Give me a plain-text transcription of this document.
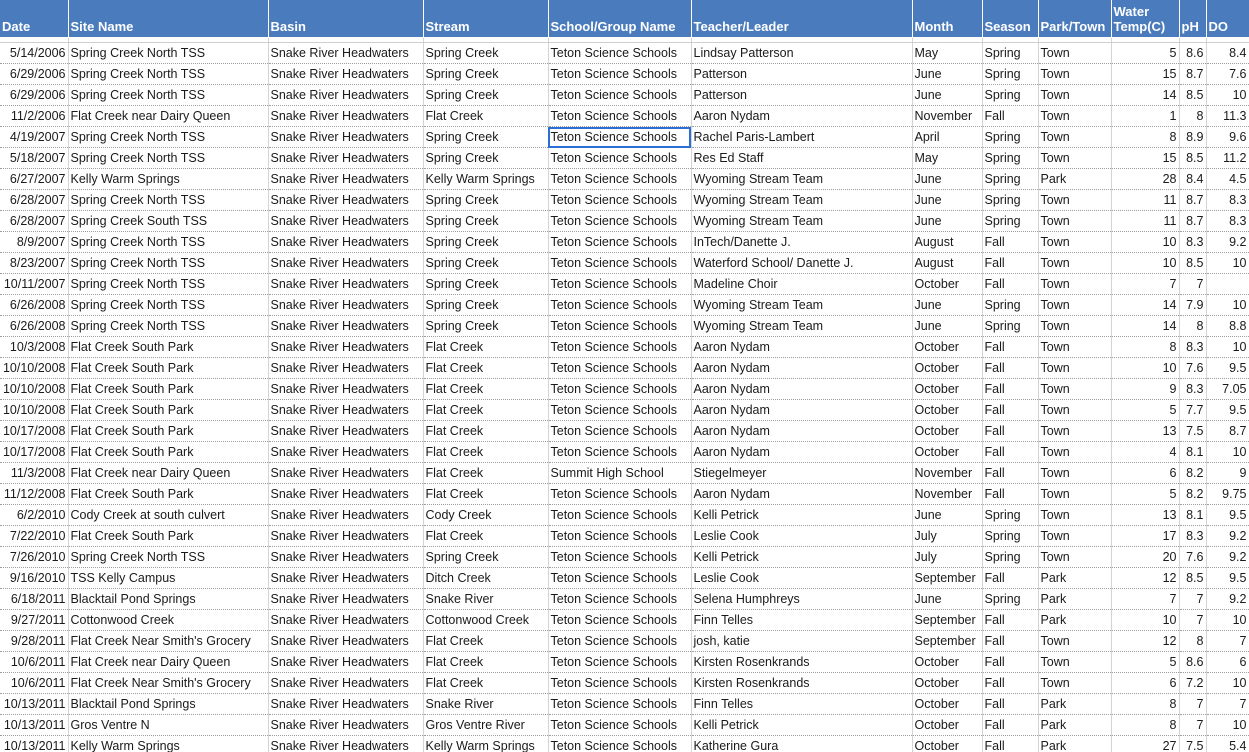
Date	Site Name	Basin	Stream	School/Group Name	Teacher/Leader	Month	Season	Park/Town	Water Temp(C)	pH	DO

5/14/2006	Spring Creek North TSS	Snake River Headwaters	Spring Creek	Teton Science Schools	Lindsay Patterson	May	Spring	Town	5	8.6	8.4
6/29/2006	Spring Creek North TSS	Snake River Headwaters	Spring Creek	Teton Science Schools	Patterson	June	Spring	Town	15	8.7	7.6
6/29/2006	Spring Creek North TSS	Snake River Headwaters	Spring Creek	Teton Science Schools	Patterson	June	Spring	Town	14	8.5	10
11/2/2006	Flat Creek near Dairy Queen	Snake River Headwaters	Flat Creek	Teton Science Schools	Aaron Nydam	November	Fall	Town	1	8	11.3
4/19/2007	Spring Creek North TSS	Snake River Headwaters	Spring Creek	Teton Science Schools	Rachel Paris-Lambert	April	Spring	Town	8	8.9	9.6
5/18/2007	Spring Creek North TSS	Snake River Headwaters	Spring Creek	Teton Science Schools	Res Ed Staff	May	Spring	Town	15	8.5	11.2
6/27/2007	Kelly Warm Springs	Snake River Headwaters	Kelly Warm Springs	Teton Science Schools	Wyoming Stream Team	June	Spring	Park	28	8.4	4.5
6/28/2007	Spring Creek North TSS	Snake River Headwaters	Spring Creek	Teton Science Schools	Wyoming Stream Team	June	Spring	Town	11	8.7	8.3
6/28/2007	Spring Creek South TSS	Snake River Headwaters	Spring Creek	Teton Science Schools	Wyoming Stream Team	June	Spring	Town	11	8.7	8.3
8/9/2007	Spring Creek North TSS	Snake River Headwaters	Spring Creek	Teton Science Schools	InTech/Danette J.	August	Fall	Town	10	8.3	9.2
8/23/2007	Spring Creek North TSS	Snake River Headwaters	Spring Creek	Teton Science Schools	Waterford School/ Danette J.	August	Fall	Town	10	8.5	10
10/11/2007	Spring Creek North TSS	Snake River Headwaters	Spring Creek	Teton Science Schools	Madeline Choir	October	Fall	Town	7	7	
6/26/2008	Spring Creek North TSS	Snake River Headwaters	Spring Creek	Teton Science Schools	Wyoming Stream Team	June	Spring	Town	14	7.9	10
6/26/2008	Spring Creek North TSS	Snake River Headwaters	Spring Creek	Teton Science Schools	Wyoming Stream Team	June	Spring	Town	14	8	8.8
10/3/2008	Flat Creek South Park	Snake River Headwaters	Flat Creek	Teton Science Schools	Aaron Nydam	October	Fall	Town	8	8.3	10
10/10/2008	Flat Creek South Park	Snake River Headwaters	Flat Creek	Teton Science Schools	Aaron Nydam	October	Fall	Town	10	7.6	9.5
10/10/2008	Flat Creek South Park	Snake River Headwaters	Flat Creek	Teton Science Schools	Aaron Nydam	October	Fall	Town	9	8.3	7.05
10/10/2008	Flat Creek South Park	Snake River Headwaters	Flat Creek	Teton Science Schools	Aaron Nydam	October	Fall	Town	5	7.7	9.5
10/17/2008	Flat Creek South Park	Snake River Headwaters	Flat Creek	Teton Science Schools	Aaron Nydam	October	Fall	Town	13	7.5	8.7
10/17/2008	Flat Creek South Park	Snake River Headwaters	Flat Creek	Teton Science Schools	Aaron Nydam	October	Fall	Town	4	8.1	10
11/3/2008	Flat Creek near Dairy Queen	Snake River Headwaters	Flat Creek	Summit High School	Stiegelmeyer	November	Fall	Town	6	8.2	9
11/12/2008	Flat Creek South Park	Snake River Headwaters	Flat Creek	Teton Science Schools	Aaron Nydam	November	Fall	Town	5	8.2	9.75
6/2/2010	Cody Creek at south culvert	Snake River Headwaters	Cody Creek	Teton Science Schools	Kelli Petrick	June	Spring	Town	13	8.1	9.5
7/22/2010	Flat Creek South Park	Snake River Headwaters	Flat Creek	Teton Science Schools	Leslie Cook	July	Spring	Town	17	8.3	9.2
7/26/2010	Spring Creek North TSS	Snake River Headwaters	Spring Creek	Teton Science Schools	Kelli Petrick	July	Spring	Town	20	7.6	9.2
9/16/2010	TSS Kelly Campus	Snake River Headwaters	Ditch Creek	Teton Science Schools	Leslie Cook	September	Fall	Park	12	8.5	9.5
6/18/2011	Blacktail Pond Springs	Snake River Headwaters	Snake River	Teton Science Schools	Selena Humphreys	June	Spring	Park	7	7	9.2
9/27/2011	Cottonwood Creek	Snake River Headwaters	Cottonwood Creek	Teton Science Schools	Finn Telles	September	Fall	Park	10	7	10
9/28/2011	Flat Creek Near Smith's Grocery	Snake River Headwaters	Flat Creek	Teton Science Schools	josh, katie	September	Fall	Town	12	8	7
10/6/2011	Flat Creek near Dairy Queen	Snake River Headwaters	Flat Creek	Teton Science Schools	Kirsten Rosenkrands	October	Fall	Town	5	8.6	6
10/6/2011	Flat Creek Near Smith's Grocery	Snake River Headwaters	Flat Creek	Teton Science Schools	Kirsten Rosenkrands	October	Fall	Town	6	7.2	10
10/13/2011	Blacktail Pond Springs	Snake River Headwaters	Snake River	Teton Science Schools	Finn Telles	October	Fall	Park	8	7	7
10/13/2011	Gros Ventre N	Snake River Headwaters	Gros Ventre River	Teton Science Schools	Kelli Petrick	October	Fall	Park	8	7	10
10/13/2011	Kelly Warm Springs	Snake River Headwaters	Kelly Warm Springs	Teton Science Schools	Katherine Gura	October	Fall	Park	27	7.5	5.4
